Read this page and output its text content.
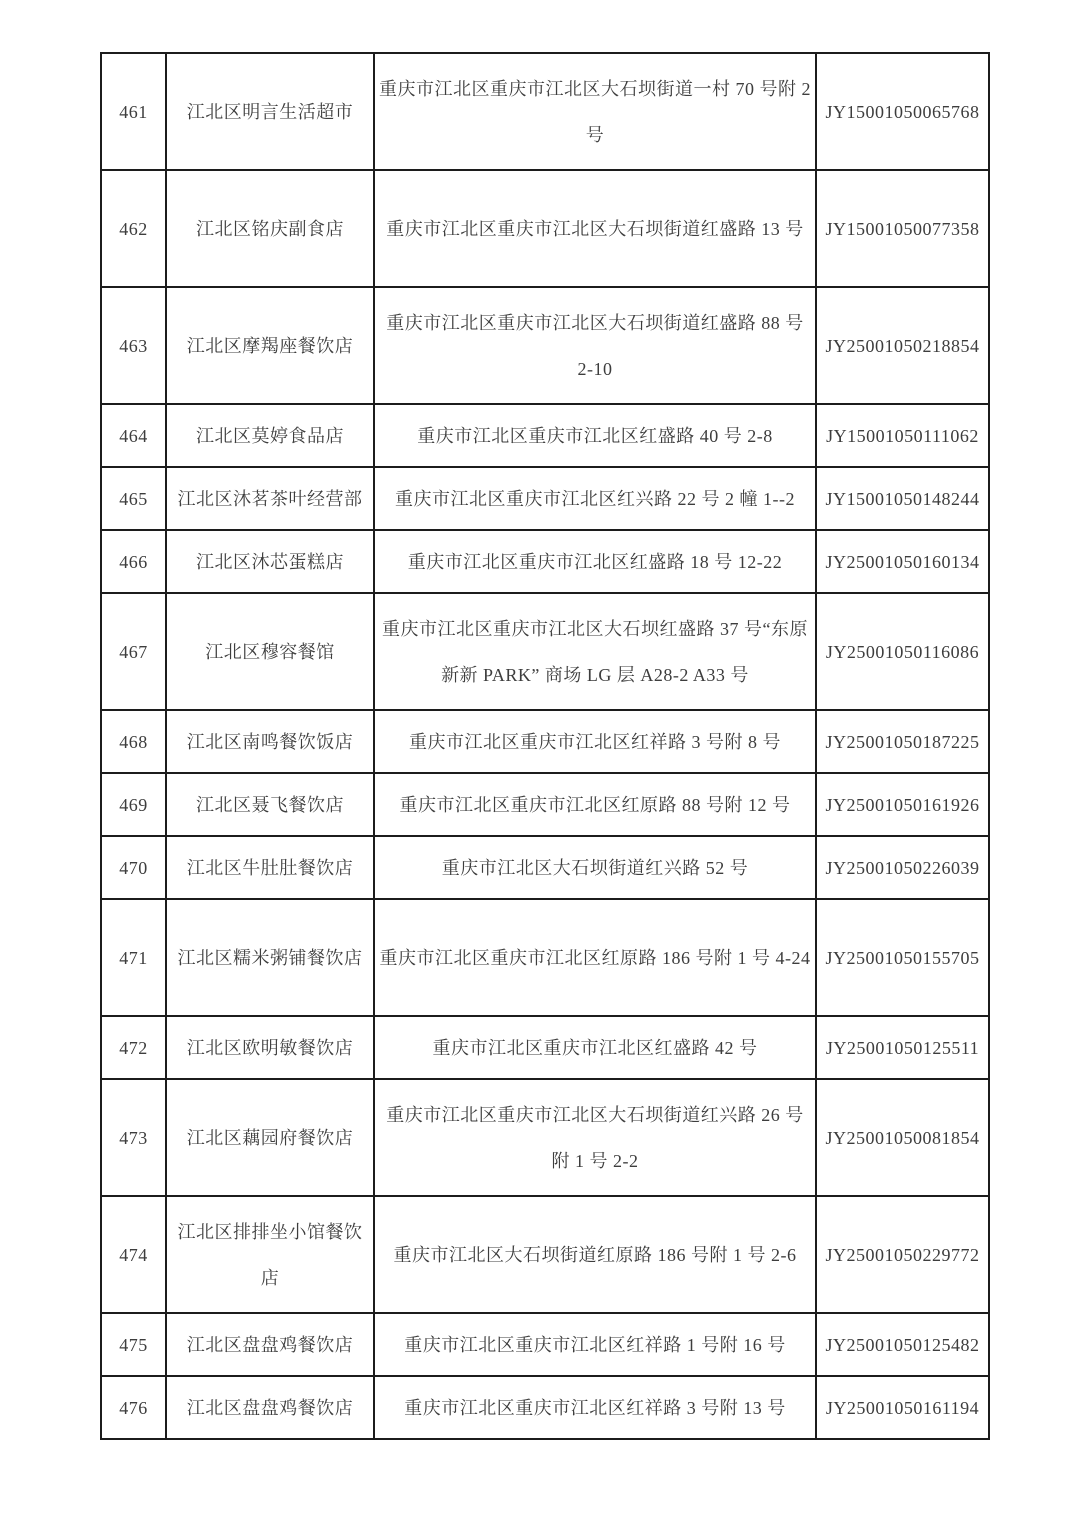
461	江北区明言生活超市	重庆市江北区重庆市江北区大石坝街道一村 70 号附 2 号	JY15001050065768
462	江北区铭庆副食店	重庆市江北区重庆市江北区大石坝街道红盛路 13 号	JY15001050077358
463	江北区摩羯座餐饮店	重庆市江北区重庆市江北区大石坝街道红盛路 88 号 2-10	JY25001050218854
464	江北区莫婷食品店	重庆市江北区重庆市江北区红盛路 40 号 2-8	JY15001050111062
465	江北区沐茗茶叶经营部	重庆市江北区重庆市江北区红兴路 22 号 2 幢 1--2	JY15001050148244
466	江北区沐芯蛋糕店	重庆市江北区重庆市江北区红盛路 18 号 12-22	JY25001050160134
467	江北区穆容餐馆	重庆市江北区重庆市江北区大石坝红盛路 37 号“东原新新 PARK” 商场 LG 层 A28-2 A33 号	JY25001050116086
468	江北区南鸣餐饮饭店	重庆市江北区重庆市江北区红祥路 3 号附 8 号	JY25001050187225
469	江北区聂飞餐饮店	重庆市江北区重庆市江北区红原路 88 号附 12 号	JY25001050161926
470	江北区牛肚肚餐饮店	重庆市江北区大石坝街道红兴路 52 号	JY25001050226039
471	江北区糯米粥铺餐饮店	重庆市江北区重庆市江北区红原路 186 号附 1 号 4-24	JY25001050155705
472	江北区欧明敏餐饮店	重庆市江北区重庆市江北区红盛路 42 号	JY25001050125511
473	江北区藕园府餐饮店	重庆市江北区重庆市江北区大石坝街道红兴路 26 号附 1 号 2-2	JY25001050081854
474	江北区排排坐小馆餐饮店	重庆市江北区大石坝街道红原路 186 号附 1 号 2-6	JY25001050229772
475	江北区盘盘鸡餐饮店	重庆市江北区重庆市江北区红祥路 1 号附 16 号	JY25001050125482
476	江北区盘盘鸡餐饮店	重庆市江北区重庆市江北区红祥路 3 号附 13 号	JY25001050161194
